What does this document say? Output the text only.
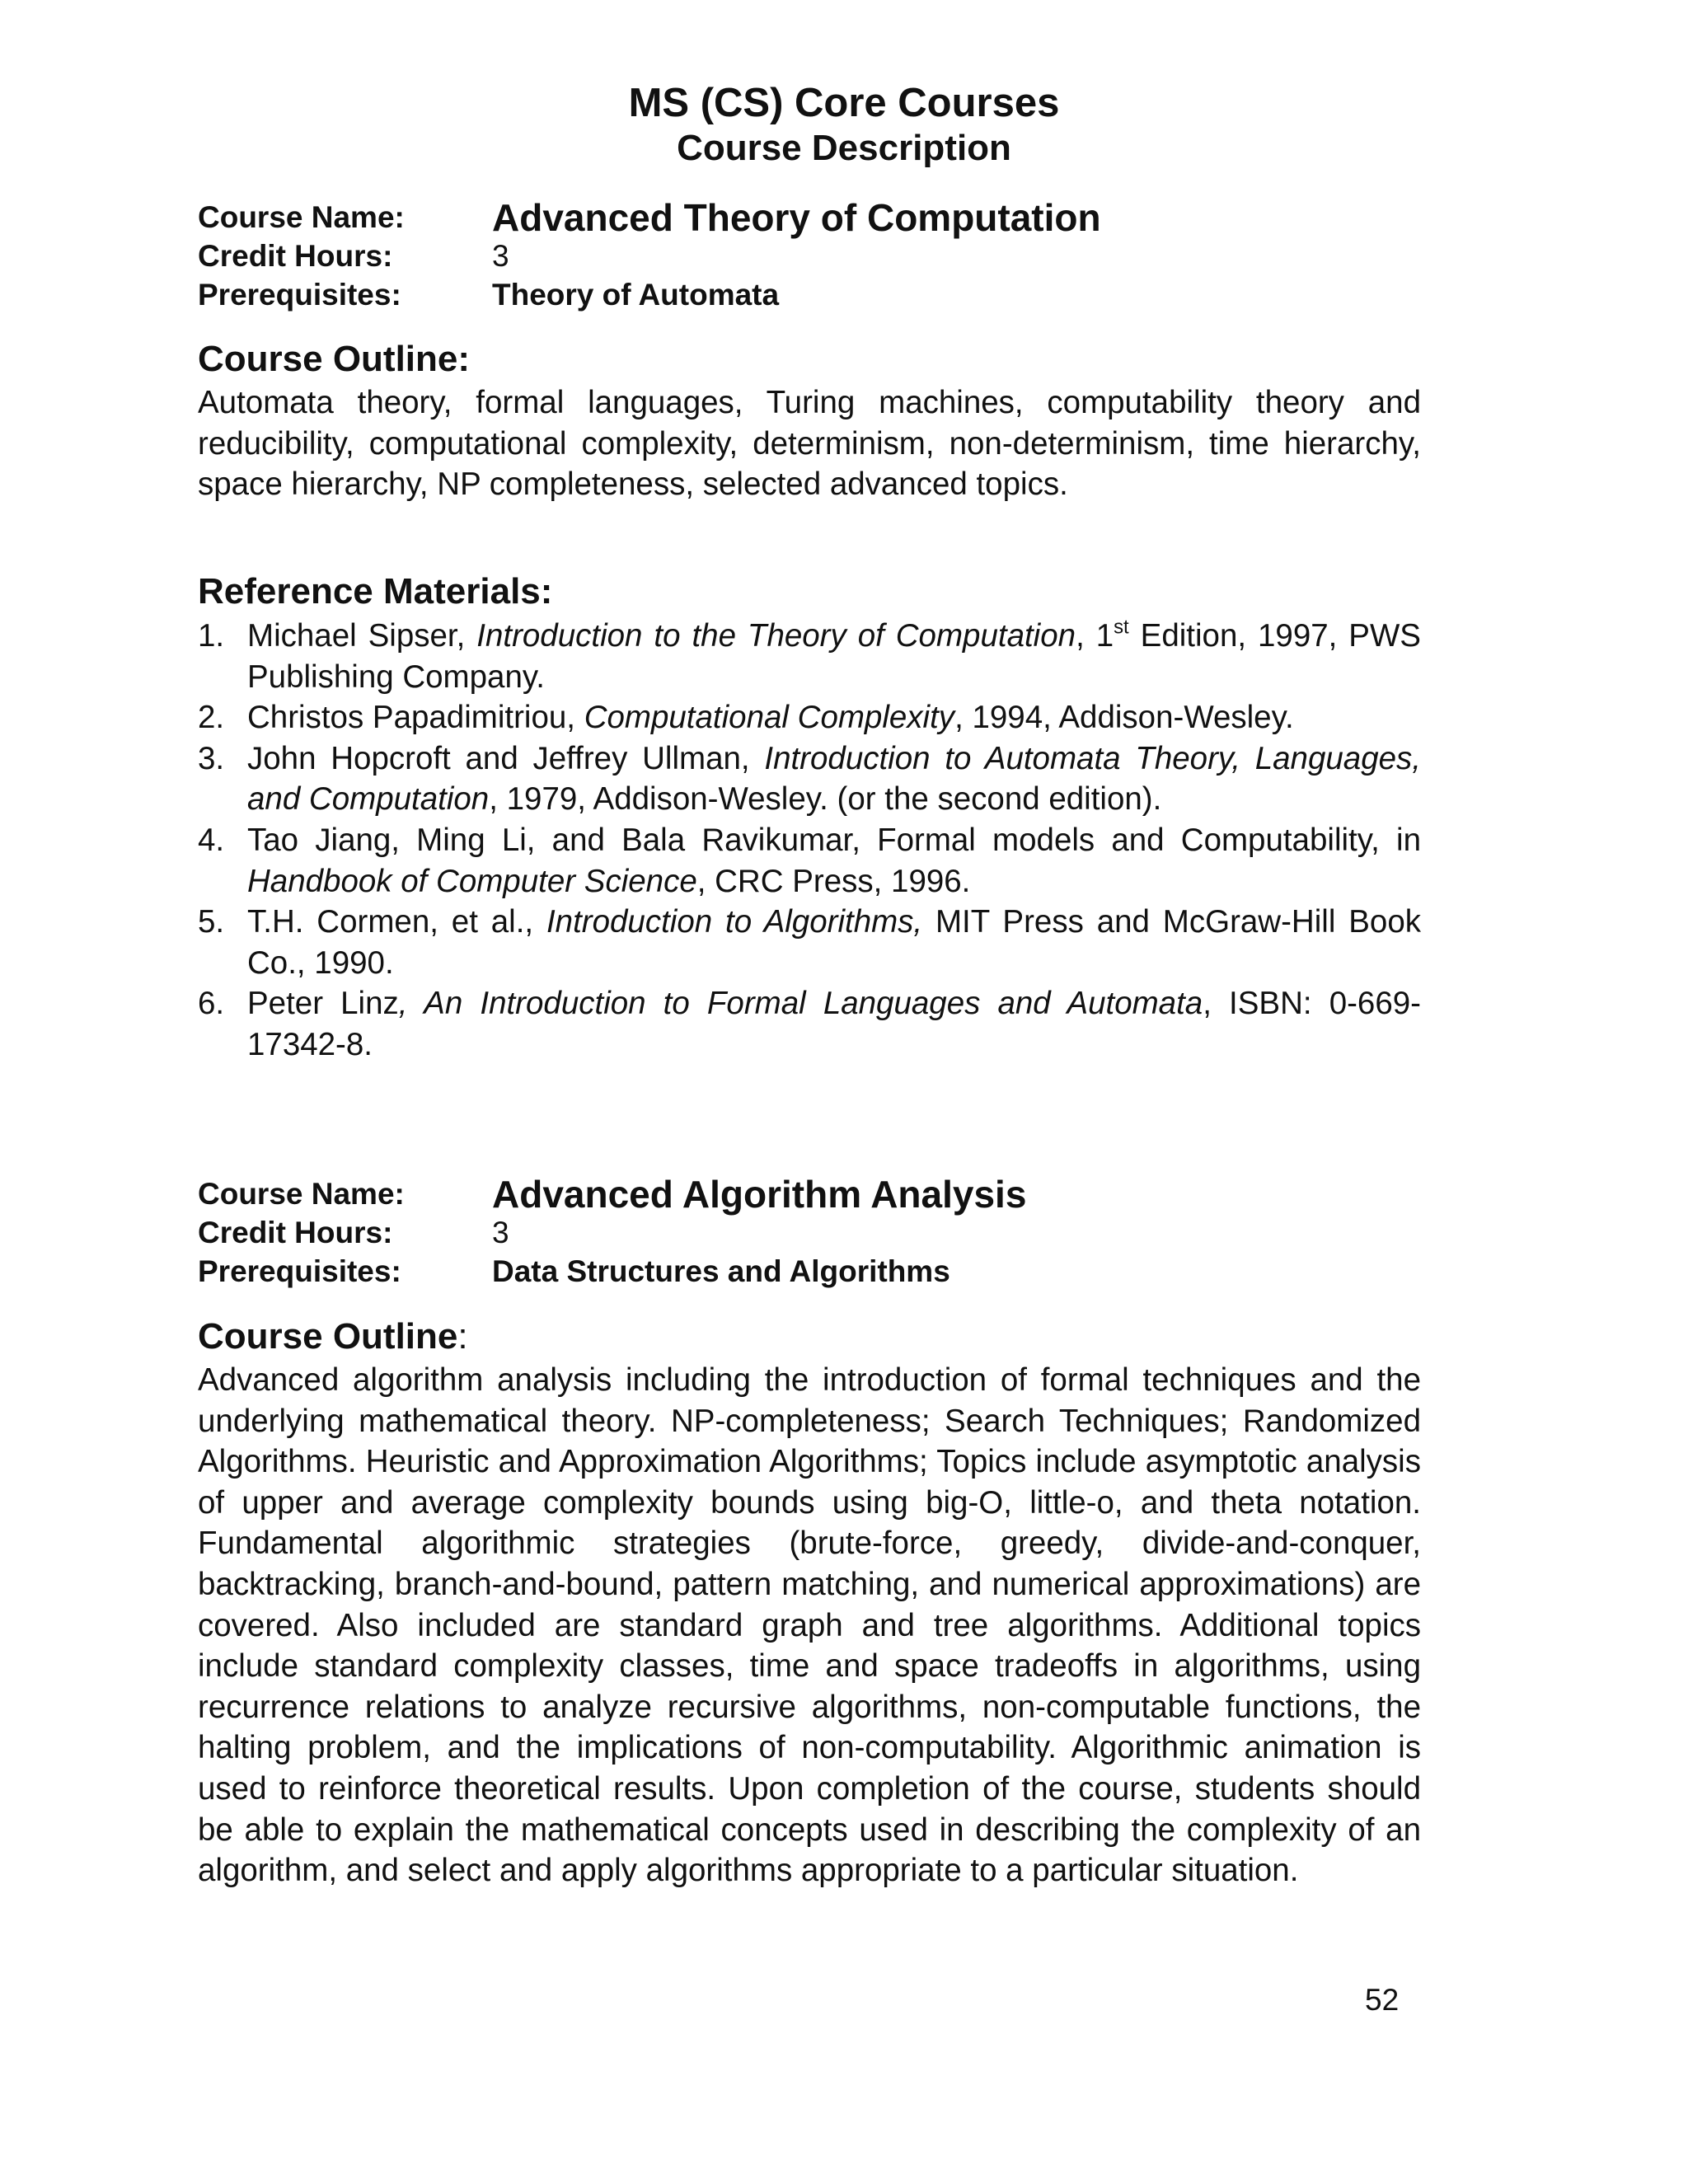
MS (CS) Core Courses
Course Description
Course Name: Advanced Theory of Computation
Credit Hours:	3
Prerequisites:	Theory of Automata
Course Outline:

Automata theory, formal languages, Turing machines, computability theory and reducibility, computational complexity, determinism, non-determinism, time hierarchy, space hierarchy, NP completeness, selected advanced topics.

Reference Materials:
1. Michael Sipser, Introduction to the Theory of Computation, 1st Edition, 1997, PWS Publishing Company.
2. Christos Papadimitriou, Computational Complexity, 1994, Addison-Wesley.
3. John Hopcroft and Jeffrey Ullman, Introduction to Automata Theory, Languages, and Computation, 1979, Addison-Wesley. (or the second edition).
4. Tao Jiang, Ming Li, and Bala Ravikumar, Formal models and Computability, in Handbook of Computer Science, CRC Press, 1996.
5. T.H. Cormen, et al., Introduction to Algorithms, MIT Press and McGraw-Hill Book Co., 1990.
6. Peter Linz, An Introduction to Formal Languages and Automata, ISBN: 0-669-17342-8.
Course Name: Advanced Algorithm Analysis
Credit Hours:	3
Prerequisites:	Data Structures and Algorithms
Course Outline:

Advanced algorithm analysis including the introduction of formal techniques and the underlying mathematical theory. NP-completeness; Search Techniques; Randomized Algorithms. Heuristic and Approximation Algorithms; Topics include asymptotic analysis of upper and average complexity bounds using big-O, little-o, and theta notation. Fundamental algorithmic strategies (brute-force, greedy, divide-and-conquer, backtracking, branch-and-bound, pattern matching, and numerical approximations) are covered. Also included are standard graph and tree algorithms. Additional topics include standard complexity classes, time and space tradeoffs in algorithms, using recurrence relations to analyze recursive algorithms, non-computable functions, the halting problem, and the implications of non-computability. Algorithmic animation is used to reinforce theoretical results. Upon completion of the course, students should be able to explain the mathematical concepts used in describing the complexity of an algorithm, and select and apply algorithms appropriate to a particular situation.

52
